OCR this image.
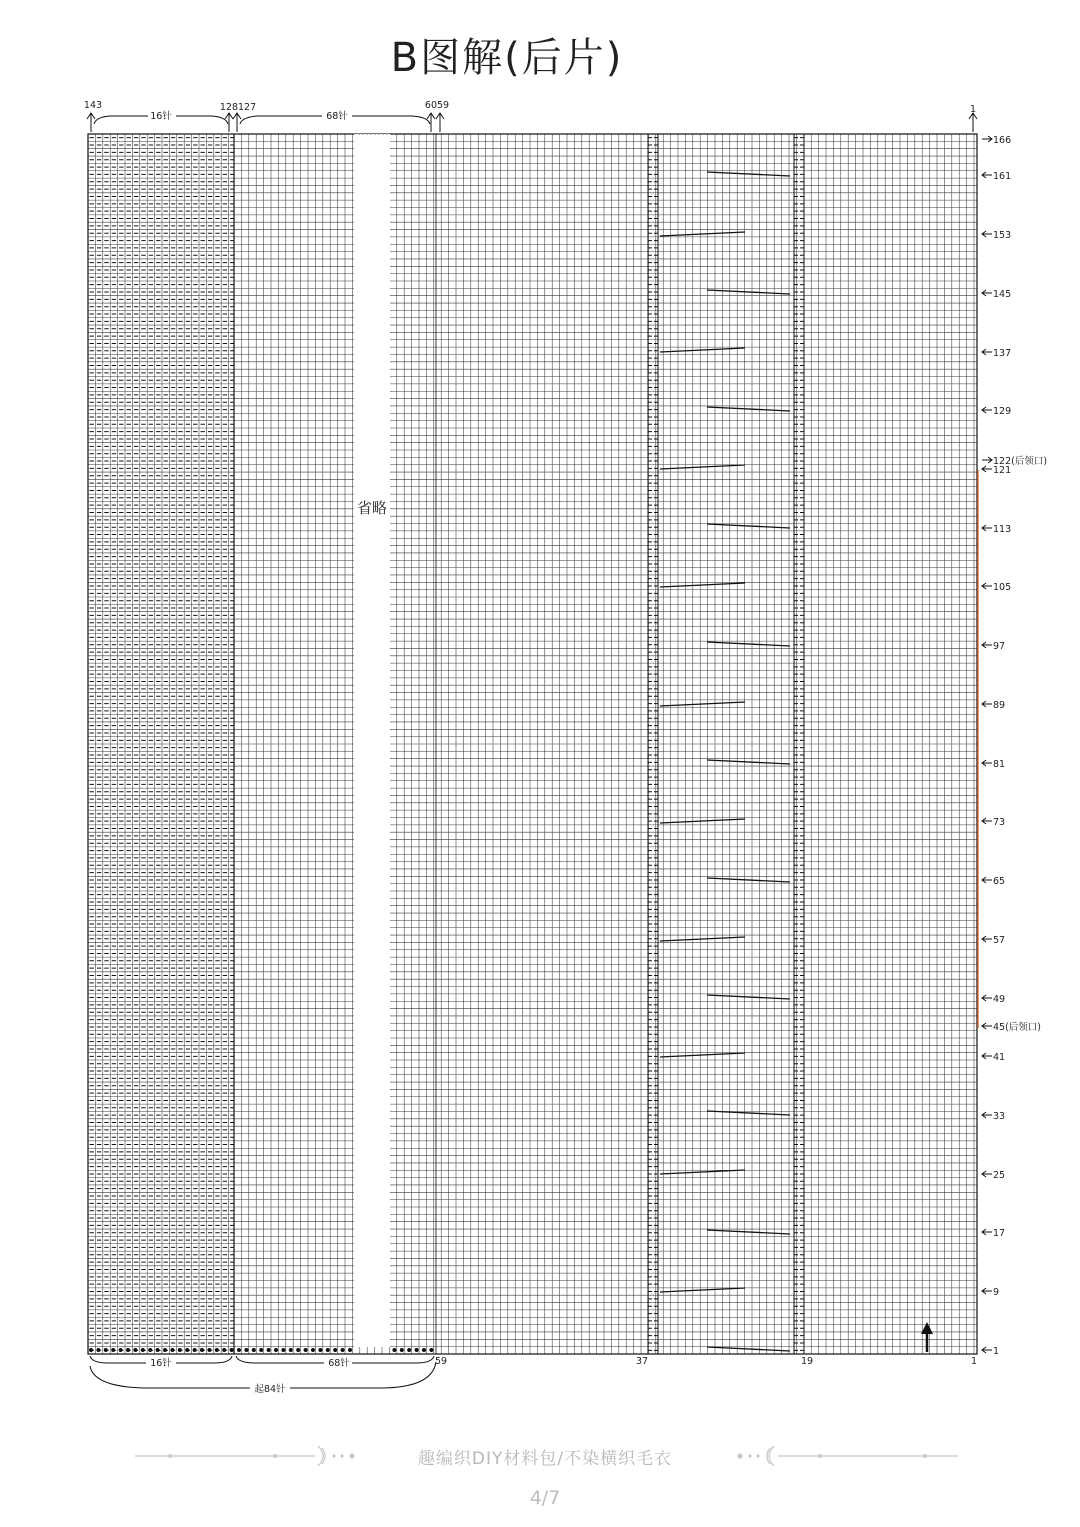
B图解(后片)
166
161
153
145
137
129
122(后领口)
121
113
105
97
89
81
73
65
57
49
45(后领口)
41
33
25
17
9
1
143	128127	6059	1
16针	68针
16针	68针
起84针
59	37	19	1
省略
趣编织DIY材料包/不染横织毛衣
4/7
